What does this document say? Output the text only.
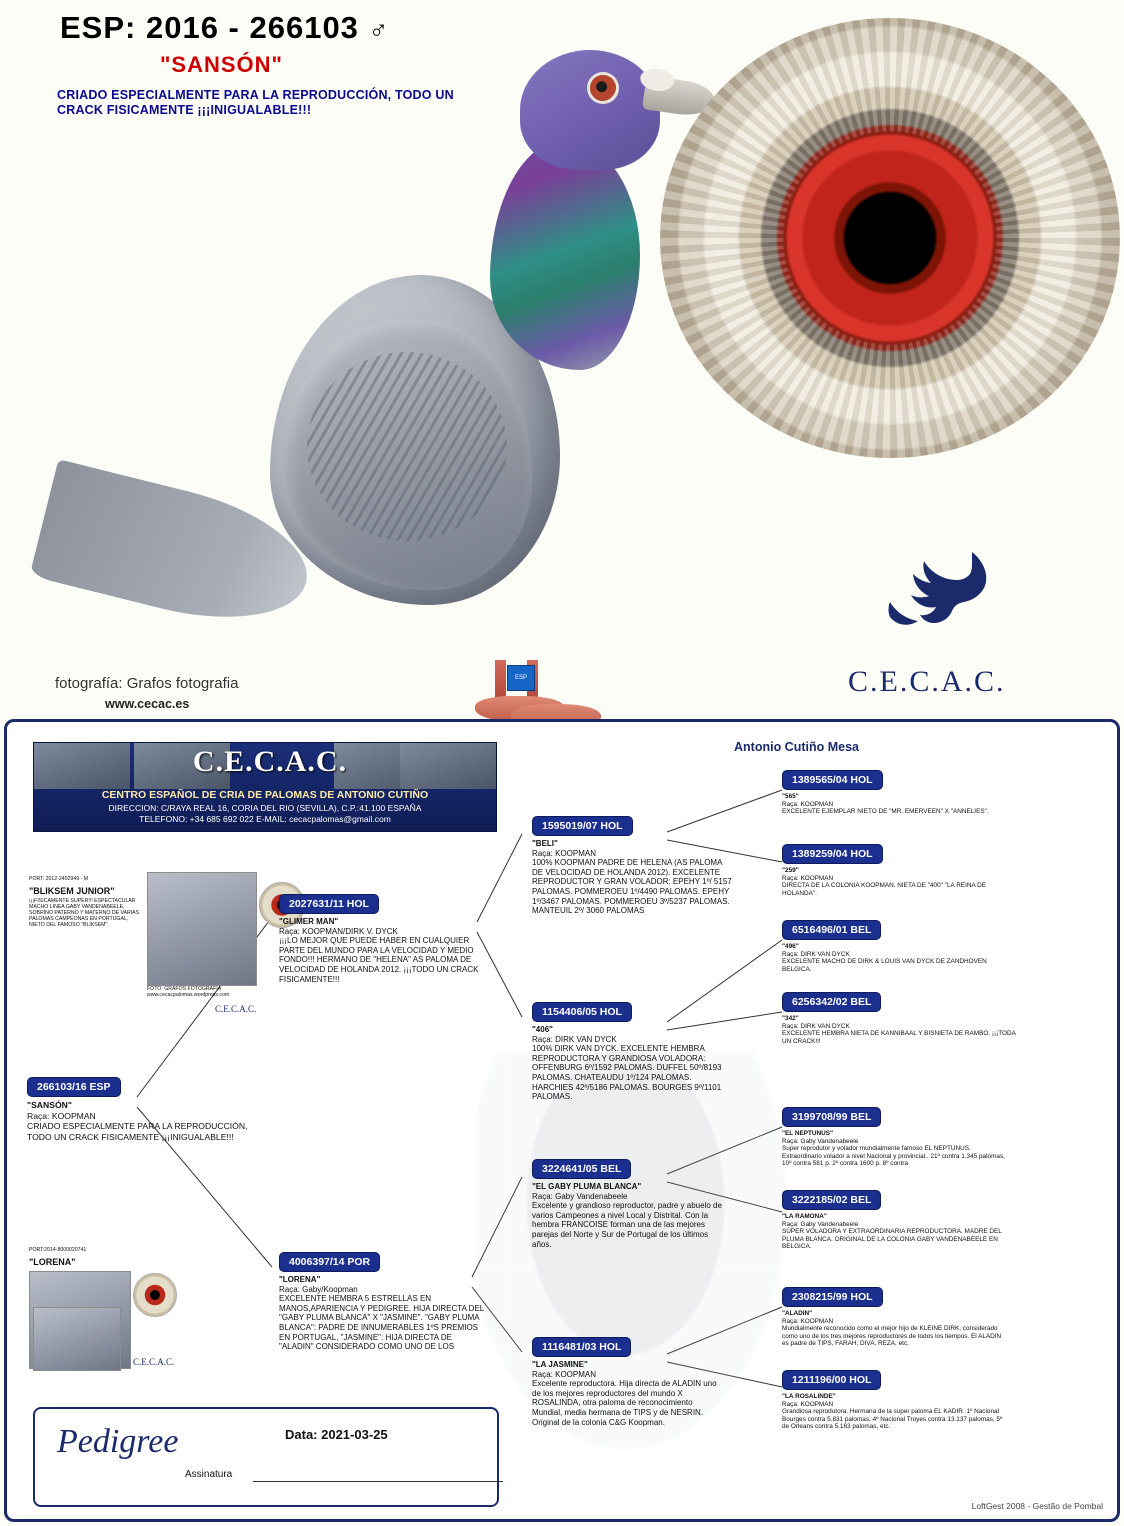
ESP
ESP: 2016 - 266103 ♂
"SANSÓN"
CRIADO ESPECIALMENTE PARA LA REPRODUCCIÓN, TODO UN CRACK FISICAMENTE ¡¡¡INIGUALABLE!!!
fotografía: Grafos fotografia
www.cecac.es
C.E.C.A.C.
Antonio Cutiño Mesa
C.E.C.A.C.
CENTRO ESPAÑOL DE CRIA DE PALOMAS DE ANTONIO CUTIÑO
DIRECCION: C/RAYA REAL 16, CORIA DEL RIO (SEVILLA), C.P.:41.100 ESPAÑA
TELEFONO: +34 685 692 022 E-MAIL: cecacpalomas@gmail.com
PORT: 2012-2402949 - M
"BLIKSEM JUNIOR"
¡¡¡FISICAMENTE SUPER!!! ESPECTACULAR MACHO LINEA GABY VANDENABEELE, SOBRINO PATERNO Y MATERNO DE VARIAS PALOMAS CAMPEONAS EN PORTUGAL, NIETO DEL FAMOSO "BLIKSEM".
FOTO: GRAFOS FOTOGRAFIA www.cecacpalomas.wordpress.com
C.E.C.A.C.
PORT:2014-8000020741
"LORENA"
C.E.C.A.C.
266103/16 ESP
"SANSÓN"
Raça: KOOPMAN
CRIADO ESPECIALMENTE PARA LA REPRODUCCIÓN, TODO UN CRACK FISICAMENTE ¡¡¡INIGUALABLE!!!
2027631/11 HOL
"GLIMER MAN"
Raça: KOOPMAN/DIRK V. DYCK
¡¡¡LO MEJOR QUE PUEDE HABER EN CUALQUIER PARTE DEL MUNDO PARA LA VELOCIDAD Y MEDIO FONDO!!! HERMANO DE "HELENA" AS PALOMA DE VELOCIDAD DE HOLANDA 2012. ¡¡¡TODO UN CRACK FISICAMENTE!!!
4006397/14 POR
"LORENA"
Raça: Gaby/Koopman
EXCELENTE HEMBRA 5 ESTRELLAS EN MANOS,APARIENCIA Y PEDIGREE. HIJA DIRECTA DEL "GABY PLUMA BLANCA" X "JASMINE". "GABY PLUMA BLANCA": PADRE DE INNUMERABLES 1ºS PREMIOS EN PORTUGAL, "JASMINE": HIJA DIRECTA DE "ALADIN" CONSIDERADO COMO UNO DE LOS
1595019/07 HOL
"BELI"
Raça: KOOPMAN
100% KOOPMAN PADRE DE HELENA (AS PALOMA DE VELOCIDAD DE HOLANDA 2012). EXCELENTE REPRODUCTOR Y GRAN VOLADOR: EPEHY 1º/ 5157 PALOMAS. POMMEROEU 1º/4490 PALOMAS. EPEHY 1º/3467 PALOMAS. POMMEROEU 3º/5237 PALOMAS. MANTEUIL 2º/ 3060 PALOMAS
1154406/05 HOL
"406"
Raça: DIRK VAN DYCK
100% DIRK VAN DYCK. EXCELENTE HEMBRA REPRODUCTORA Y GRANDIOSA VOLADORA: OFFENBURG 6º/1592 PALOMAS. DUFFEL 50º/8193 PALOMAS. CHATEAUDU 1º/124 PALOMAS. HARCHIES 42º/5186 PALOMAS. BOURGES 9º/1101 PALOMAS.
3224641/05 BEL
"EL GABY PLUMA BLANCA"
Raça: Gaby Vandenabeele
Excelente y grandioso reproductor, padre y abuelo de varios Campeones a nivel Local y Distrital. Con la hembra FRANCOISE forman una de las mejores parejas del Norte y Sur de Portugal de los últimos años.
1116481/03 HOL
"LA JASMINE"
Raça: KOOPMAN
Excelente reproductora. Hija directa de ALADIN uno de los mejores reproductores del mundo X ROSALINDA, otra paloma de reconocimiento Mundial, media hermana de TIPS y de NESRIN. Original de la colonia C&G Koopman.
1389565/04 HOL
"565"
Raça: KOOPMAN
EXCELENTE EJEMPLAR NIETO DE "MR. EMERVEEN" X "ANNELIES".
1389259/04 HOL
"259"
Raça: KOOPMAN
DIRECTA DE LA COLONIA KOOPMAN. NIETA DE "400" "LA REINA DE HOLANDA".
6516496/01 BEL
"496"
Raça: DIRK VAN DYCK
EXCELENTE MACHO DE DIRK & LOUIS VAN DYCK DE ZANDHOVEN BELGICA.
6256342/02 BEL
"342"
Raça: DIRK VAN DYCK
EXCELENTE HEMBRA NIETA DE KANNIBAAL Y BISNIETA DE RAMBO. ¡¡¡TODA UN CRACK!!!
3199708/99 BEL
"EL NEPTUNUS"
Raça: Gaby Vandenabeele
Super reprodutor y volador mundialmente famoso EL NEPTUNUS. Extraordinario volador a nivel Nacional y provincial.. 21º contra 1.345 palomas, 10º contra 581 p. 2º contra 1600 p. 8º contra
3222185/02 BEL
"LA RAMONA"
Raça: Gaby Vandenabeele
SÚPER VOLADORA Y EXTRAORDINARIA REPRODUCTORA. MADRE DEL PLUMA BLANCA. ORIGINAL DE LA COLONIA GABY VANDENABEELE EN BELGICA.
2308215/99 HOL
"ALADIN"
Raça: KOOPMAN
Mundialmente reconocido como el mejor hijo de KLEINE DIRK, considerado como uno de los tres mejores reproductores de todos los tiempos. El ALADIN es padre de TIPS, FARAH, DIVA, REZA, etc.
1211196/00 HOL
"LA ROSALINDE"
Raça: KOOPMAN
Grandiosa reprodutora. Hermana de la super paloma EL KADIR. 1º Nacional Bourges contra 5.831 palomas, 4º Nacional Troyes contra 13.137 palomas, 5º de Orleans contra 5.163 palomas, etc.
Pedigree	Data: 2021-03-25
Assinatura
LoftGest 2008 - Gestão de Pombal
